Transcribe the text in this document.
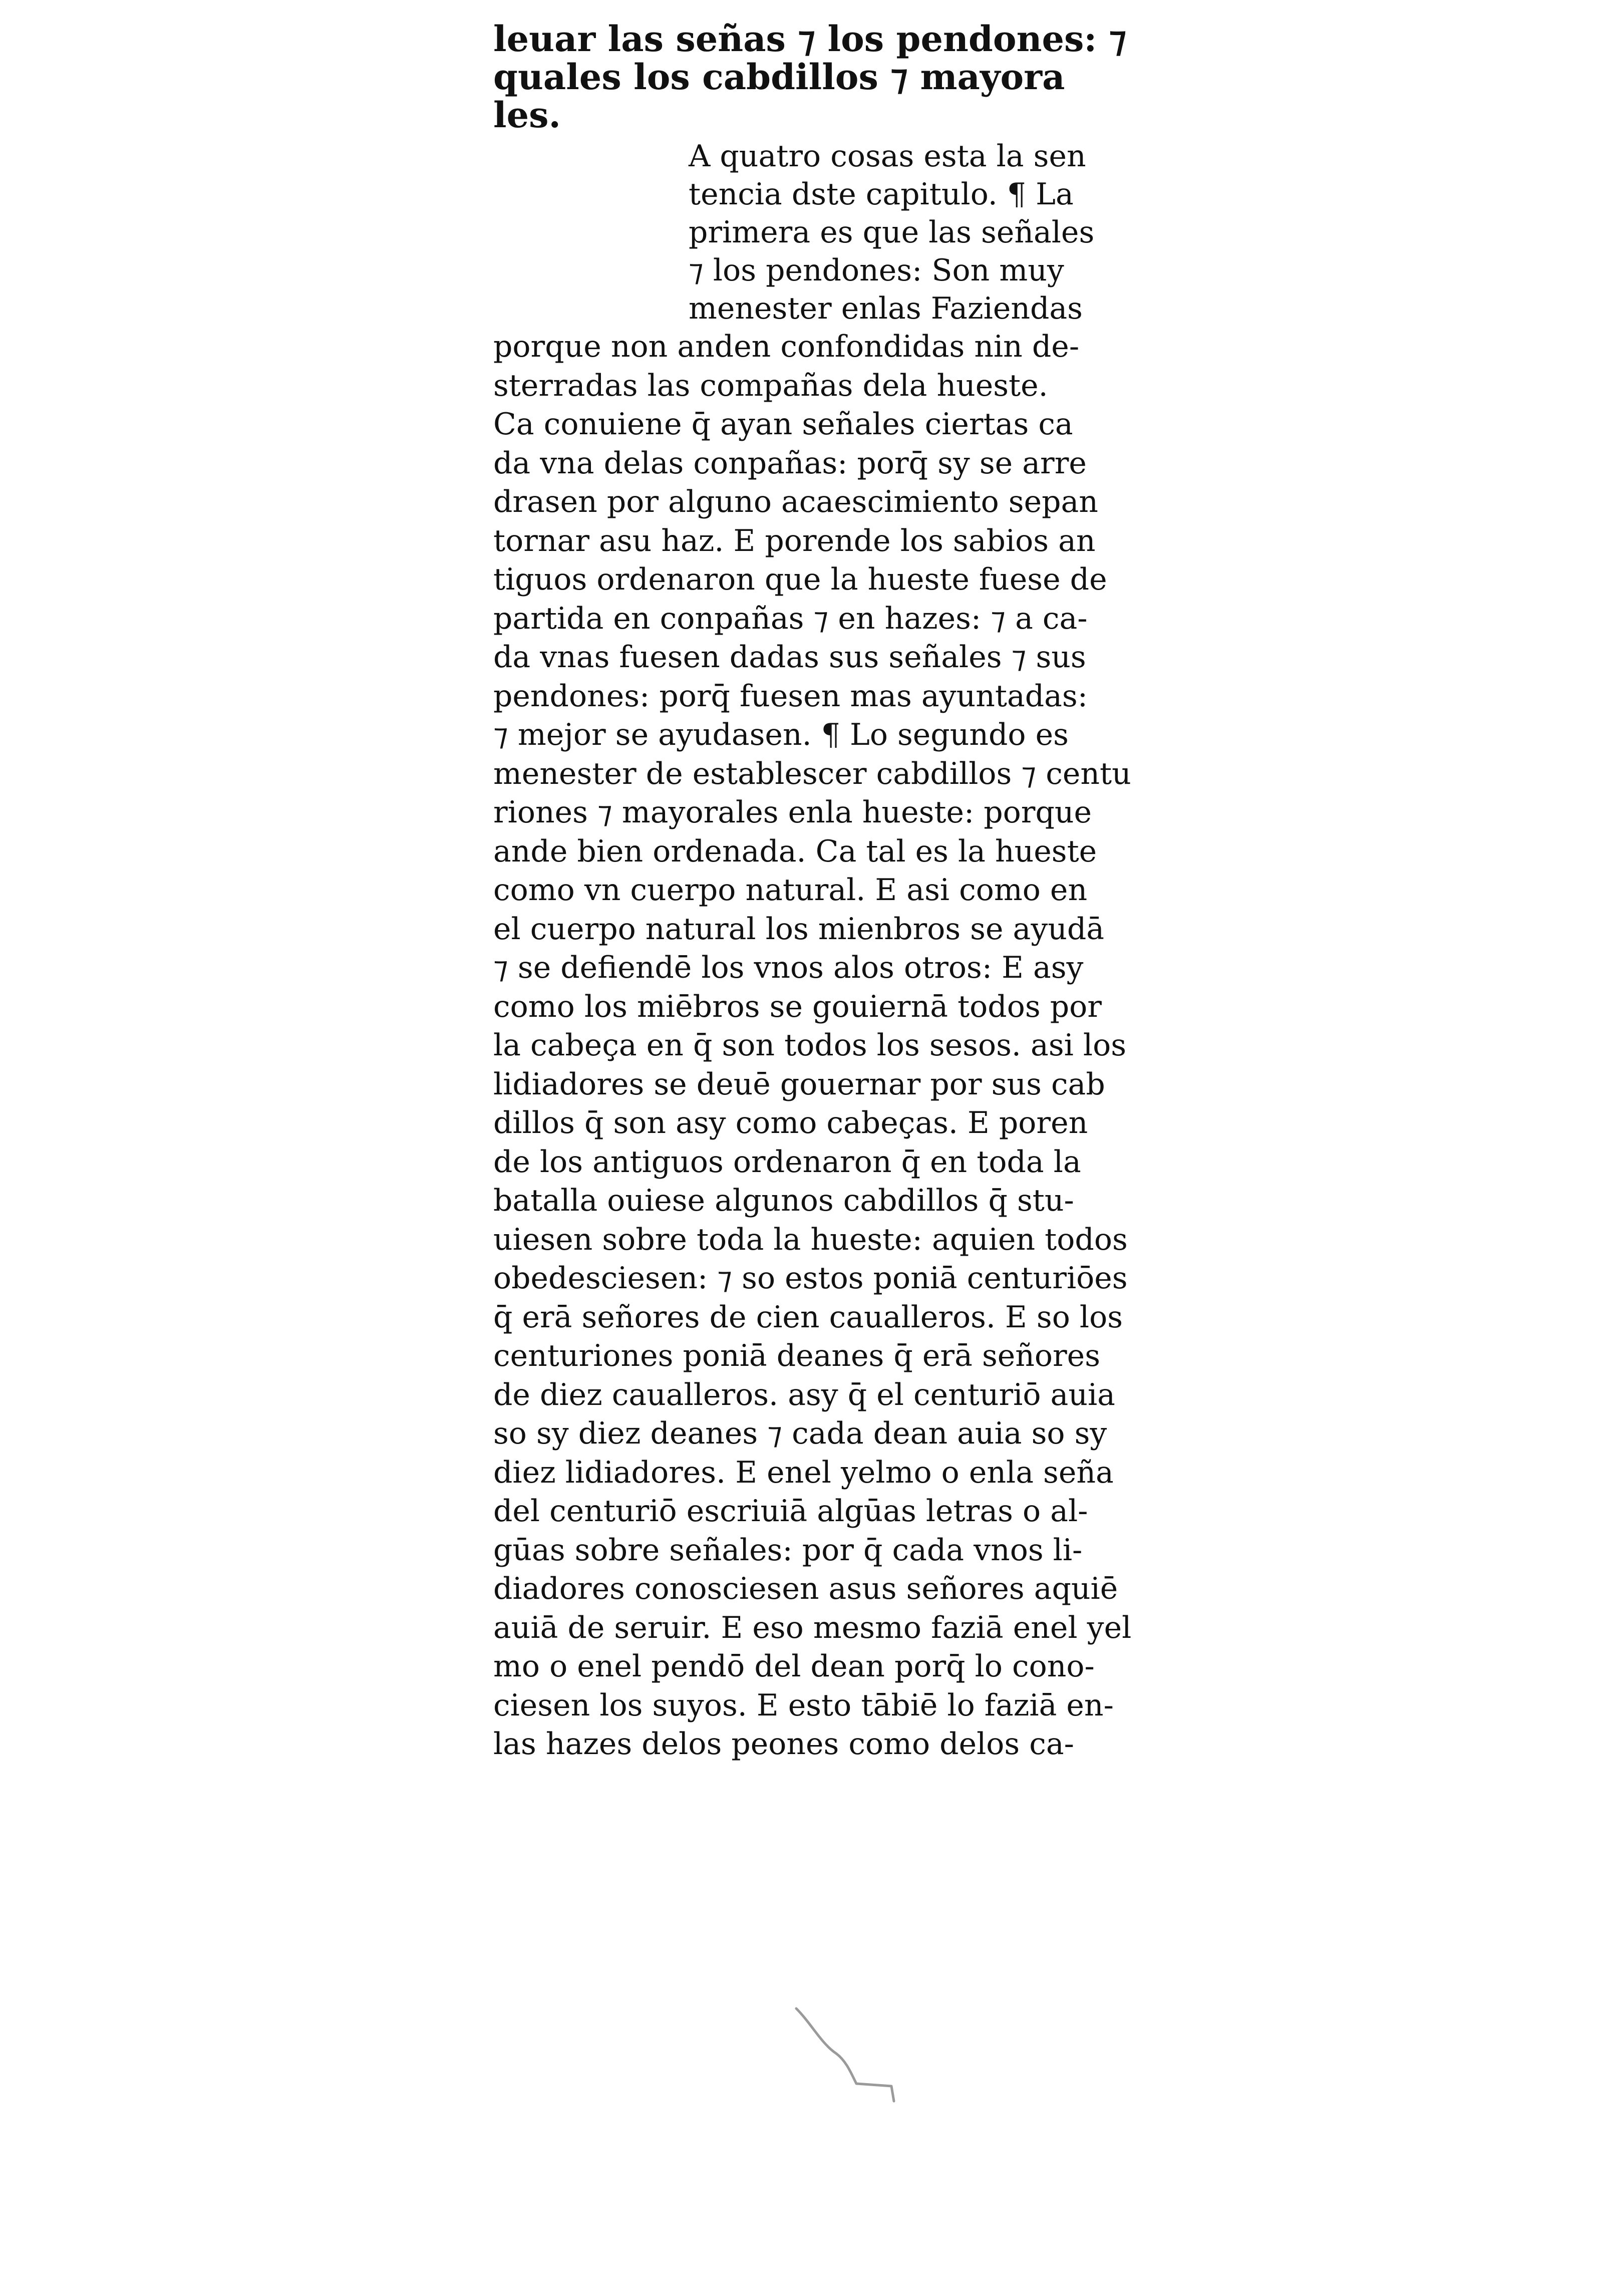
leuar las señas ⁊ los pendones: ⁊
quales los cabdillos ⁊ mayora
les.
A quatro cosas esta la sen
tencia dste capitulo. ¶ La
primera es que las señales
⁊ los pendones: Son muy
menester enlas Faziendas
porque non anden confondidas nin de-
sterradas las compañas dela hueste.
Ca conuiene q̄ ayan señales ciertas ca
da vna delas conpañas: porq̄ sy se arre
drasen por alguno acaescimiento sepan
tornar asu haz. E porende los sabios an
tiguos ordenaron que la hueste fuese de
partida en conpañas ⁊ en hazes: ⁊ a ca-
da vnas fuesen dadas sus señales ⁊ sus
pendones: porq̄ fuesen mas ayuntadas:
⁊ mejor se ayudasen. ¶ Lo segundo es
menester de establescer cabdillos ⁊ centu
riones ⁊ mayorales enla hueste: porque
ande bien ordenada. Ca tal es la hueste
como vn cuerpo natural. E asi como en
el cuerpo natural los mienbros se ayudā
⁊ se defiendē los vnos alos otros: E asy
como los miēbros se gouiernā todos por
la cabeça en q̄ son todos los sesos. asi los
lidiadores se deuē gouernar por sus cab
dillos q̄ son asy como cabeças. E poren
de los antiguos ordenaron q̄ en toda la
batalla ouiese algunos cabdillos q̄ stu-
uiesen sobre toda la hueste: aquien todos
obedesciesen: ⁊ so estos poniā centuriōes
q̄ erā señores de cien caualleros. E so los
centuriones poniā deanes q̄ erā señores
de diez caualleros. asy q̄ el centuriō auia
so sy diez deanes ⁊ cada dean auia so sy
diez lidiadores. E enel yelmo o enla seña
del centuriō escriuiā algūas letras o al-
gūas sobre señales: por q̄ cada vnos li-
diadores conosciesen asus señores aquiē
auiā de seruir. E eso mesmo faziā enel yel
mo o enel pendō del dean porq̄ lo cono-
ciesen los suyos. E esto tābiē lo faziā en-
las hazes delos peones como delos ca-
